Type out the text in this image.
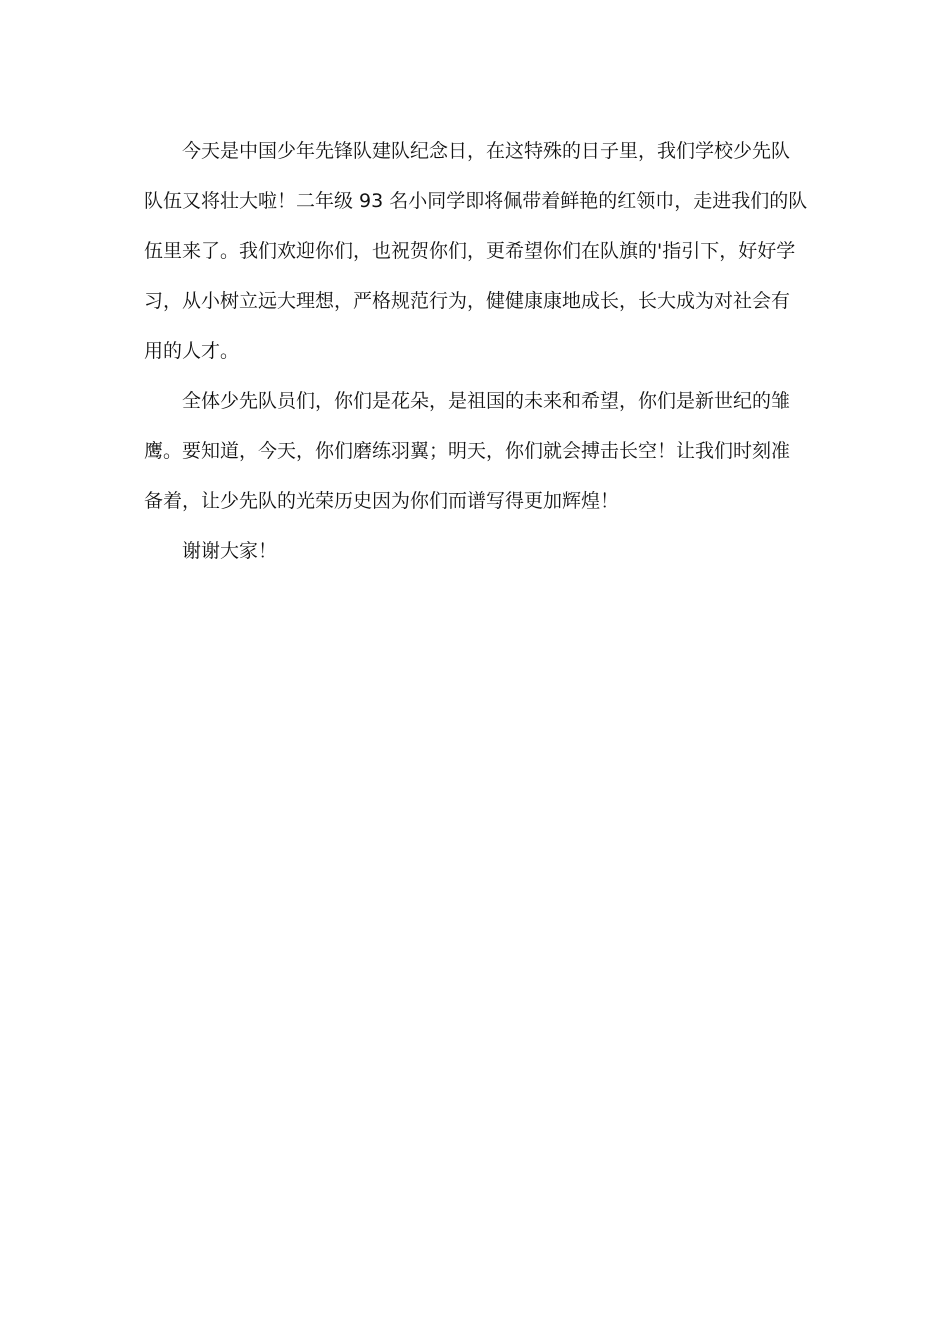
今天是中国少年先锋队建队纪念日，在这特殊的日子里，我们学校少先队
队伍又将壮大啦！二年级 93 名小同学即将佩带着鲜艳的红领巾，走进我们的队
伍里来了。我们欢迎你们，也祝贺你们，更希望你们在队旗的'指引下，好好学
习，从小树立远大理想，严格规范行为，健健康康地成长，长大成为对社会有
用的人才。

全体少先队员们，你们是花朵，是祖国的未来和希望，你们是新世纪的雏
鹰。要知道，今天，你们磨练羽翼；明天，你们就会搏击长空！让我们时刻准
备着，让少先队的光荣历史因为你们而谱写得更加辉煌！

谢谢大家！
